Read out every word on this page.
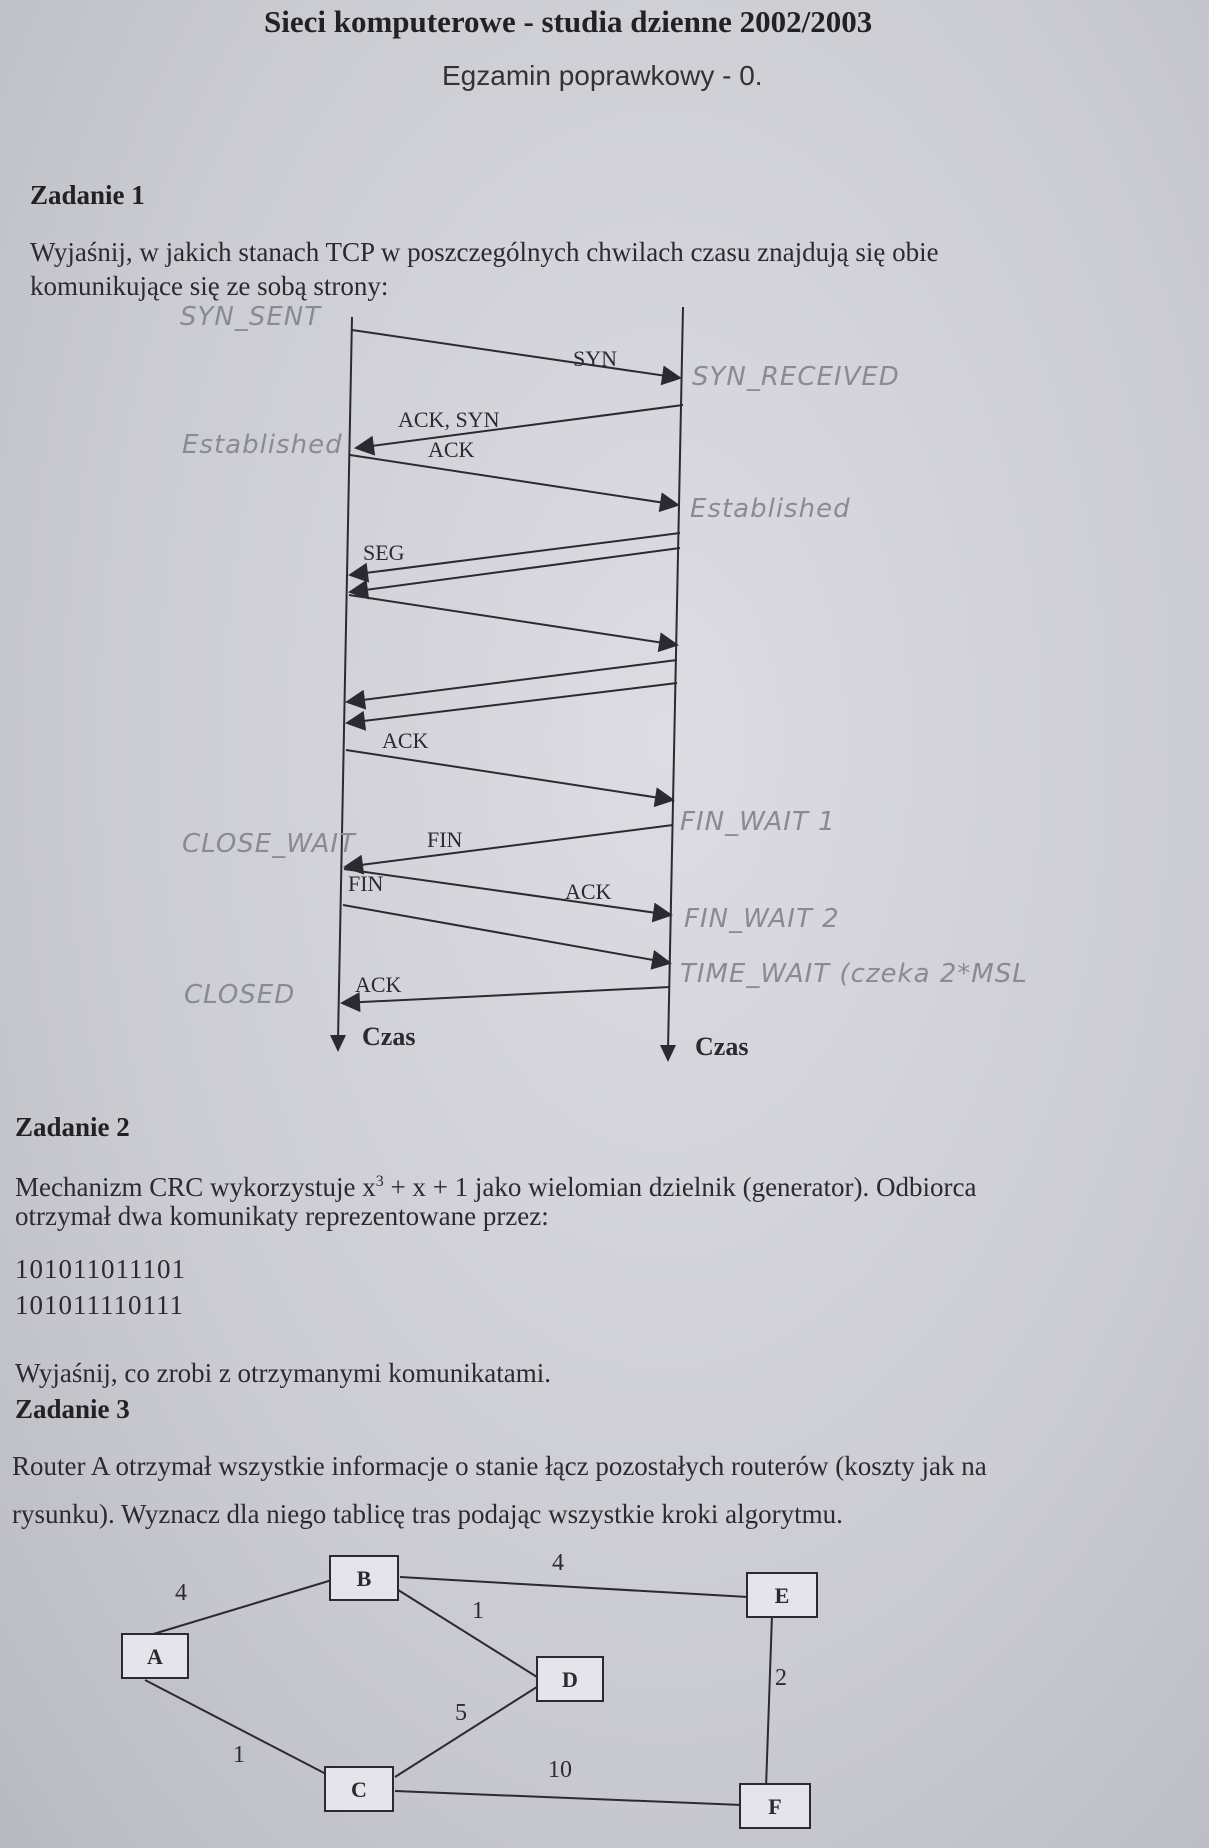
Sieci komputerowe - studia dzienne 2002/2003
Egzamin poprawkowy - 0.
Zadanie 1
Wyjaśnij, w jakich stanach TCP w poszczególnych chwilach czasu znajdują się obie
komunikujące się ze sobą strony:
SYN
ACK, SYN
ACK
SEG
ACK
FIN
FIN	ACK
ACK
Czas	Czas
SYN_SENT
SYN_RECEIVED
Established
Established
CLOSE_WAIT
FIN_WAIT 1
FIN_WAIT 2
TIME_WAIT (czeka 2*MSL
CLOSED
Zadanie 2
Mechanizm CRC wykorzystuje $x^3 + x + 1$ jako wielomian dzielnik (generator). Odbiorca
otrzymał dwa komunikaty reprezentowane przez:
101011011101
101011110111
Wyjaśnij, co zrobi z otrzymanymi komunikatami.
Zadanie 3
Router A otrzymał wszystkie informacje o stanie łącz pozostałych routerów (koszty jak na
rysunku). Wyznacz dla niego tablicę tras podając wszystkie kroki algorytmu.
A
B
C
D
E
F
4
4
1
1
5
10
2
